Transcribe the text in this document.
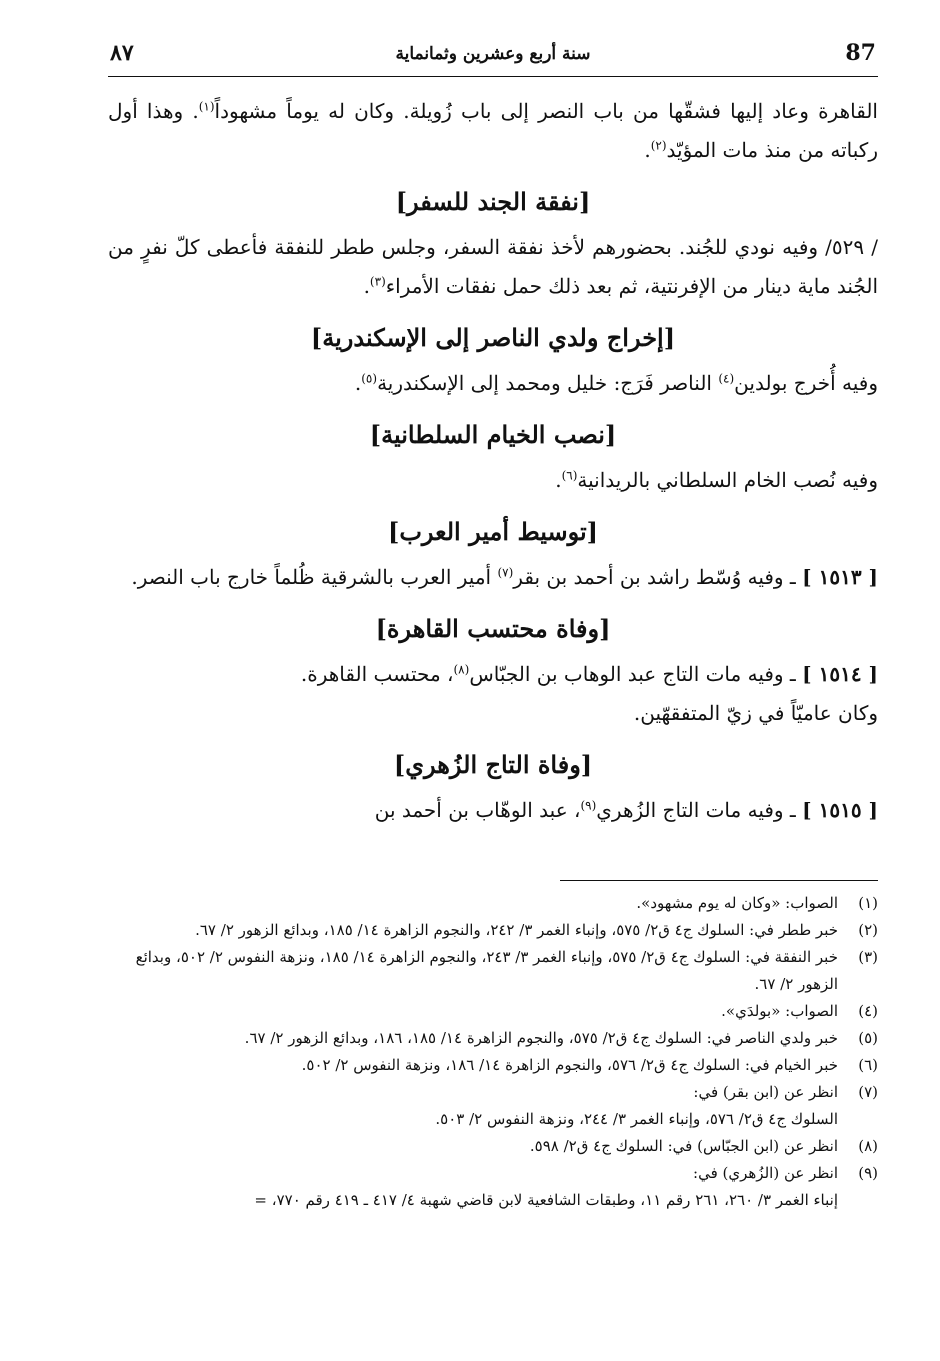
87
سنة أربع وعشرين وثمانماية
٨٧

القاهرة وعاد إليها فشقّها من باب النصر إلى باب زُويلة. وكان له يوماً مشهوداً$^{(١)}$. وهذا أول ركباته من منذ مات المؤيّد$^{(٢)}$.

[نفقة الجند للسفر]

/ ٥٢٩/ وفيه نودي للجُند. بحضورهم لأخذ نفقة السفر، وجلس ططر للنفقة فأعطى كلّ نفرٍ من الجُند ماية دينار من الإفرنتية، ثم بعد ذلك حمل نفقات الأمراء$^{(٣)}$.

[إخراج ولدي الناصر إلى الإسكندرية]

وفيه أُخرج بولدين$^{(٤)}$ الناصر فَرَج: خليل ومحمد إلى الإسكندرية$^{(٥)}$.

[نصب الخيام السلطانية]

وفيه نُصب الخام السلطاني بالريدانية$^{(٦)}$.

[توسيط أمير العرب]

[ ١٥١٣ ] ـ وفيه وُسّط راشد بن أحمد بن بقر$^{(٧)}$ أمير العرب بالشرقية ظُلماً خارج باب النصر.

[وفاة محتسب القاهرة]

[ ١٥١٤ ] ـ وفيه مات التاج عبد الوهاب بن الجبّاس$^{(٨)}$، محتسب القاهرة.
وكان عاميّاً في زيّ المتفقهّين.

[وفاة التاج الزُهري]

[ ١٥١٥ ] ـ وفيه مات التاج الزُهري$^{(٩)}$، عبد الوهّاب بن أحمد بن

(١)
الصواب: «وكان له يوم مشهود».
(٢)
خبر ططر في: السلوك ج٤ ق٢/ ٥٧٥، وإنباء الغمر ٣/ ٢٤٢، والنجوم الزاهرة ١٤/ ١٨٥، وبدائع الزهور ٢/ ٦٧.
(٣)
خبر النفقة في: السلوك ج٤ ق٢/ ٥٧٥، وإنباء الغمر ٣/ ٢٤٣، والنجوم الزاهرة ١٤/ ١٨٥، ونزهة النفوس ٢/ ٥٠٢، وبدائع الزهور ٢/ ٦٧.
(٤)
الصواب: «بولدَي».
(٥)
خبر ولدي الناصر في: السلوك ج٤ ق٢/ ٥٧٥، والنجوم الزاهرة ١٤/ ١٨٥، ١٨٦، وبدائع الزهور ٢/ ٦٧.
(٦)
خبر الخيام في: السلوك ج٤ ق٢/ ٥٧٦، والنجوم الزاهرة ١٤/ ١٨٦، ونزهة النفوس ٢/ ٥٠٢.
(٧)
انظر عن (ابن بقر) في:
السلوك ج٤ ق٢/ ٥٧٦، وإنباء الغمر ٣/ ٢٤٤، ونزهة النفوس ٢/ ٥٠٣.
(٨)
انظر عن (ابن الجبّاس) في: السلوك ج٤ ق٢/ ٥٩٨.
(٩)
انظر عن (الزُهري) في:
إنباء الغمر ٣/ ٢٦٠، ٢٦١ رقم ١١، وطبقات الشافعية لابن قاضي شهبة ٤/ ٤١٧ ـ ٤١٩ رقم ٧٧٠، =
